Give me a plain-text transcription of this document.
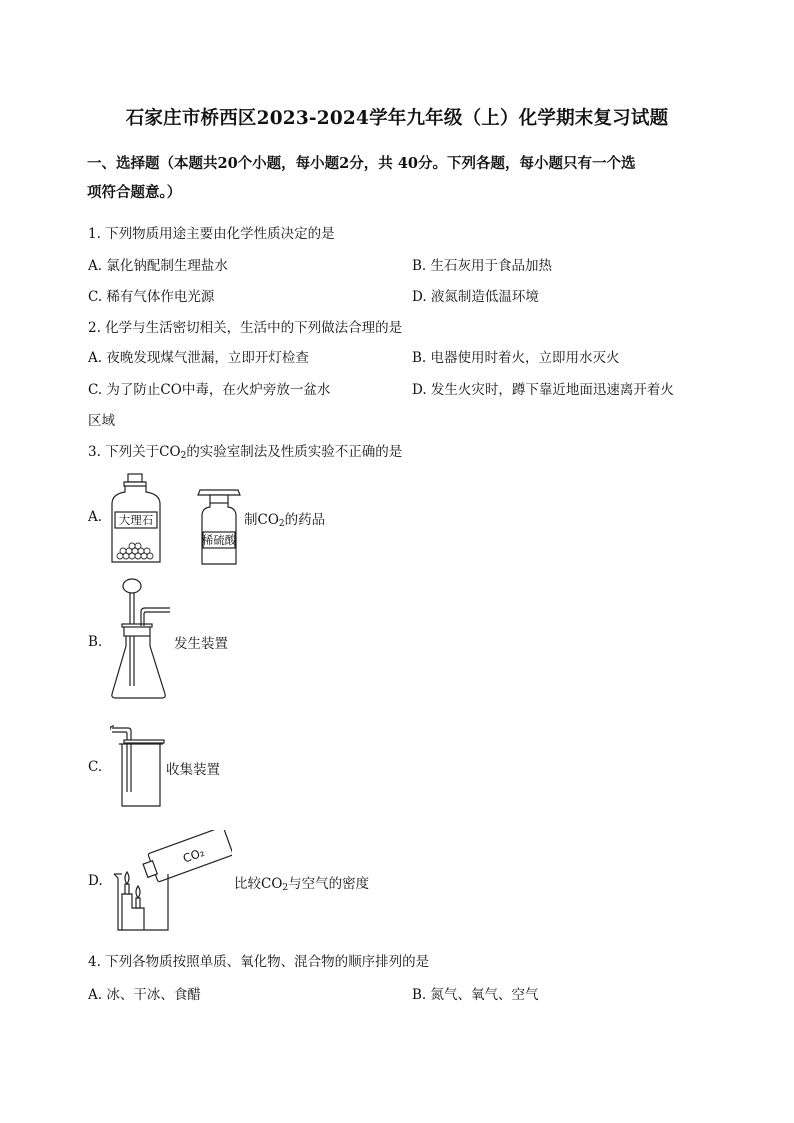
石家庄市桥西区2023-2024学年九年级（上）化学期末复习试题
一、选择题（本题共20个小题，每小题2分，共 40分。下列各题，每小题只有一个选
项符合题意。）
1. 下列物质用途主要由化学性质决定的是
A. 氯化钠配制生理盐水	B. 生石灰用于食品加热
C. 稀有气体作电光源	D. 液氮制造低温环境
2. 化学与生活密切相关，生活中的下列做法合理的是
A. 夜晚发现煤气泄漏，立即开灯检查	B. 电器使用时着火，立即用水灭火
C. 为了防止CO中毒，在火炉旁放一盆水	D. 发生火灾时，蹲下靠近地面迅速离开着火
区域
3. 下列关于$CO_2$的实验室制法及性质实验不正确的是
A. 大理石
稀硫酸
制$CO_2$的药品
B.	发生装置
C.	收集装置
D.
CO₂
比较$CO_2$与空气的密度
4. 下列各物质按照单质、氧化物、混合物的顺序排列的是
A. 冰、干冰、食醋	B. 氮气、氧气、空气
